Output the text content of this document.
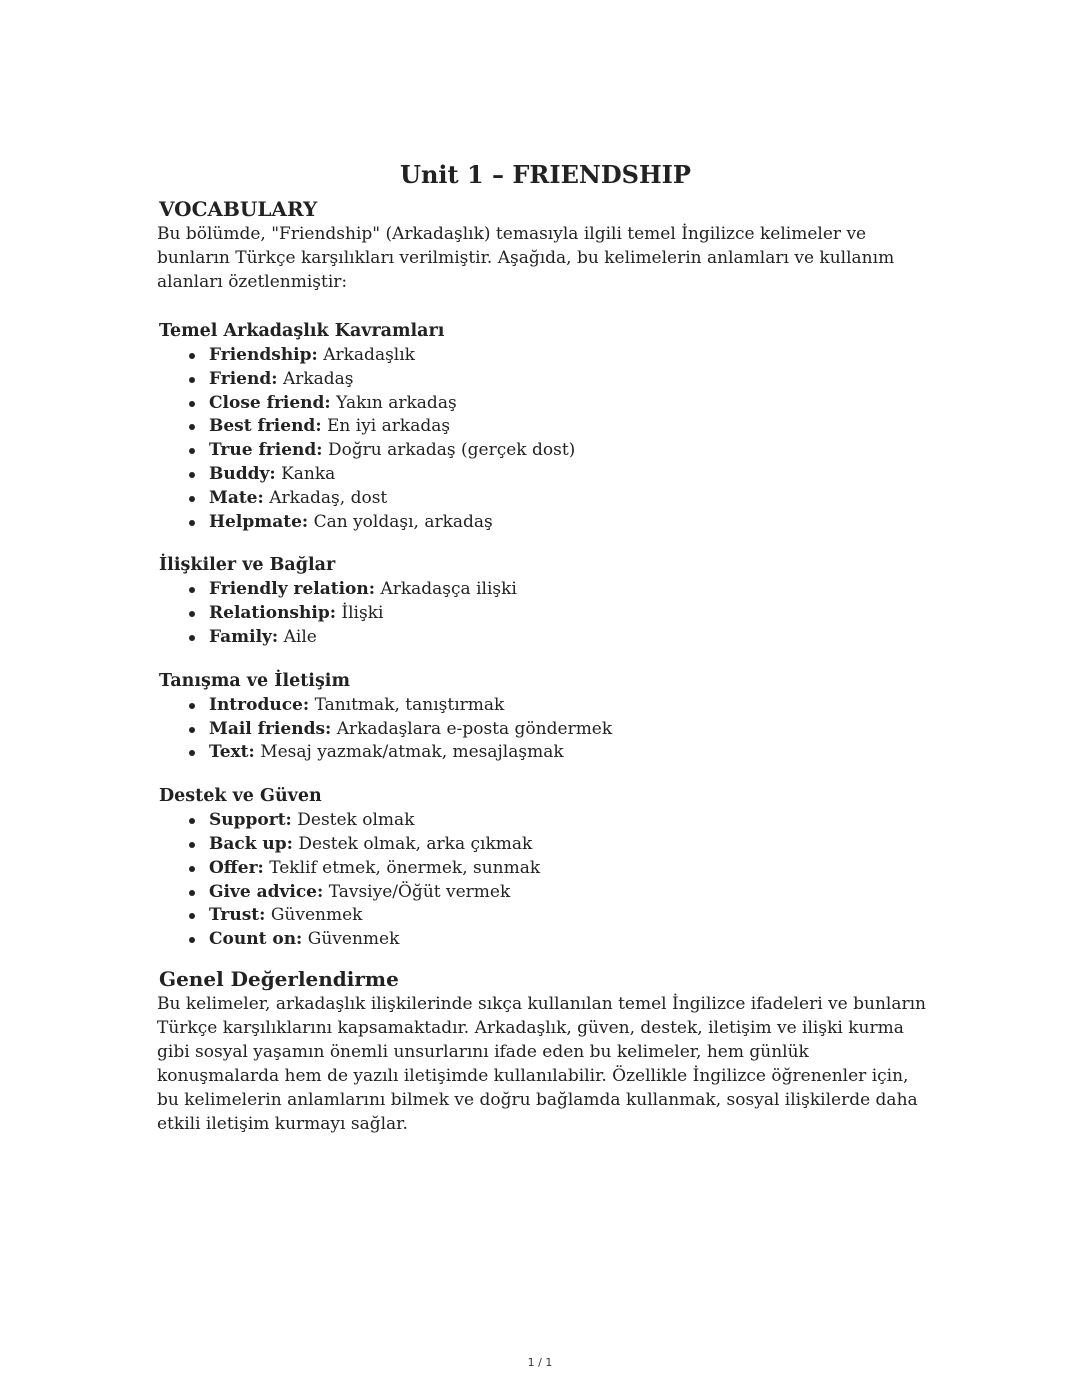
Unit 1 – FRIENDSHIP
VOCABULARY

Bu bölümde, "Friendship" (Arkadaşlık) temasıyla ilgili temel İngilizce kelimeler ve bunların Türkçe karşılıkları verilmiştir. Aşağıda, bu kelimelerin anlamları ve kullanım alanları özetlenmiştir:

Temel Arkadaşlık Kavramları
Friendship: Arkadaşlık
Friend: Arkadaş
Close friend: Yakın arkadaş
Best friend: En iyi arkadaş
True friend: Doğru arkadaş (gerçek dost)
Buddy: Kanka
Mate: Arkadaş, dost
Helpmate: Can yoldaşı, arkadaş
İlişkiler ve Bağlar
Friendly relation: Arkadaşça ilişki
Relationship: İlişki
Family: Aile
Tanışma ve İletişim
Introduce: Tanıtmak, tanıştırmak
Mail friends: Arkadaşlara e-posta göndermek
Text: Mesaj yazmak/atmak, mesajlaşmak
Destek ve Güven
Support: Destek olmak
Back up: Destek olmak, arka çıkmak
Offer: Teklif etmek, önermek, sunmak
Give advice: Tavsiye/Öğüt vermek
Trust: Güvenmek
Count on: Güvenmek
Genel Değerlendirme

Bu kelimeler, arkadaşlık ilişkilerinde sıkça kullanılan temel İngilizce ifadeleri ve bunların Türkçe karşılıklarını kapsamaktadır. Arkadaşlık, güven, destek, iletişim ve ilişki kurma gibi sosyal yaşamın önemli unsurlarını ifade eden bu kelimeler, hem günlük konuşmalarda hem de yazılı iletişimde kullanılabilir. Özellikle İngilizce öğrenenler için, bu kelimelerin anlamlarını bilmek ve doğru bağlamda kullanmak, sosyal ilişkilerde daha etkili iletişim kurmayı sağlar.

1 / 1
